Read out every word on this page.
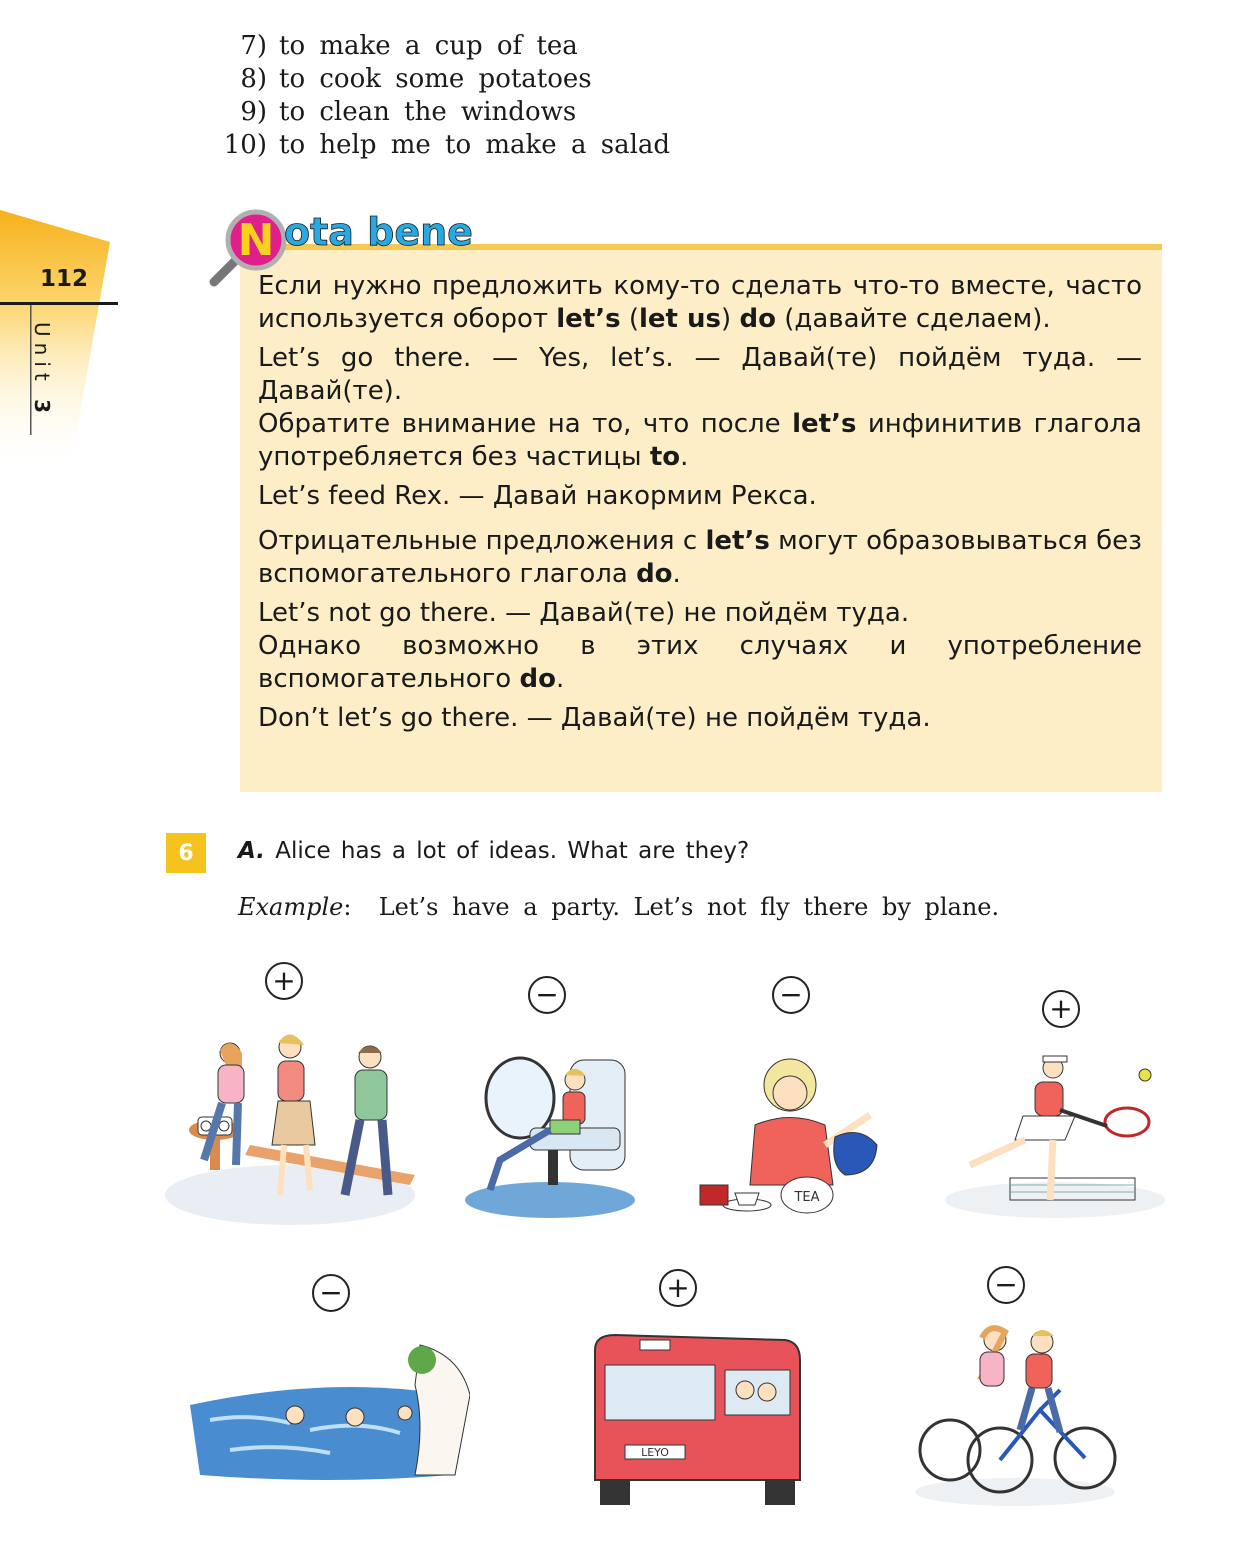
7) to make a cup of tea
8) to cook some potatoes
9) to clean the windows
10) to help me to make a salad
112
Unit 3
N ota bene

Если нужно предложить кому-то сделать что-то вместе, часто используется оборот let’s (let us) do (давайте сделаем).

Let’s go there. — Yes, let’s. — Давай(те) пойдём туда. — Давай(те).

Обратите внимание на то, что после let’s инфинитив глагола употребляется без частицы to.

Let’s feed Rex. — Давай накормим Рекса.

Отрицательные предложения с let’s могут образовываться без вспомогательного глагола do.

Let’s not go there. — Давай(те) не пойдём туда.

Однако возможно в этих случаях и употребление вспомогательного do.

Don’t let’s go there. — Давай(те) не пойдём туда.

6	A. Alice has a lot of ideas. What are they?
Example: Let’s have a party. Let’s not fly there by plane.
+	−	−	+
−	+	−
TEA
LEYO
